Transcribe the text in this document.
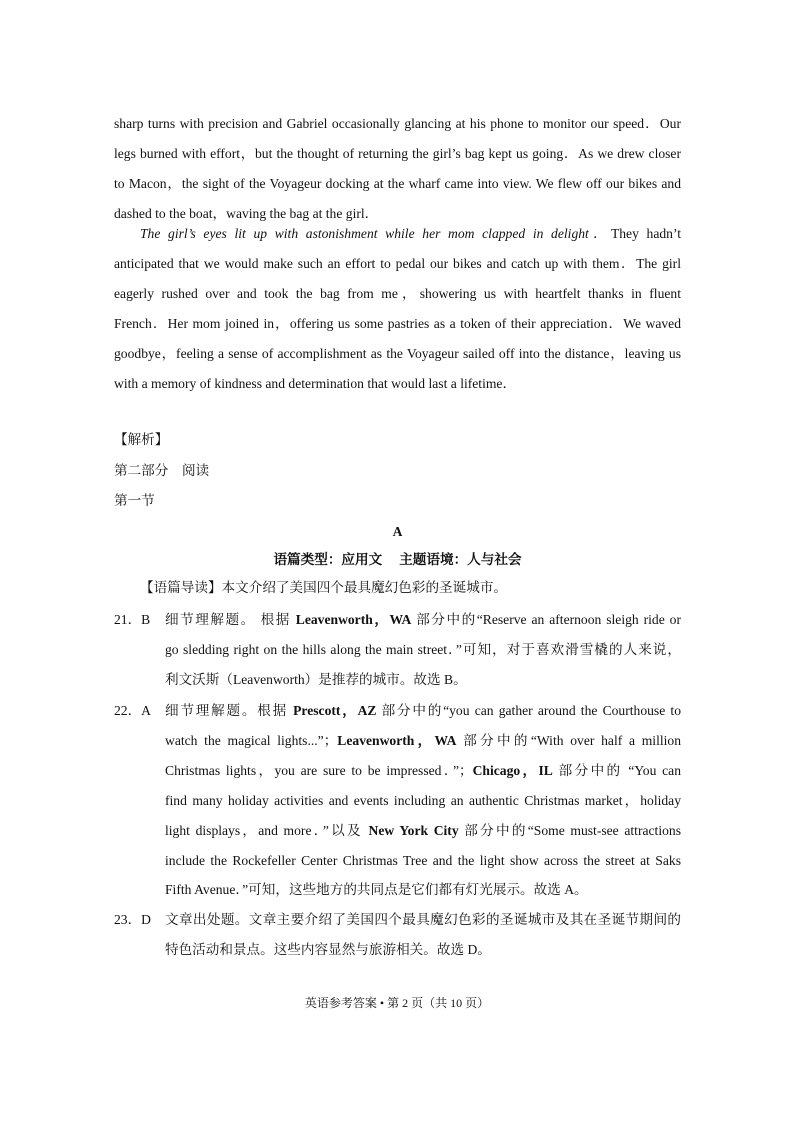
sharp turns with precision and Gabriel occasionally glancing at his phone to monitor our speed．Our
legs burned with effort，but the thought of returning the girl’s bag kept us going．As we drew closer
to Macon，the sight of the Voyageur docking at the wharf came into view. We flew off our bikes and
dashed to the boat，waving the bag at the girl．
The girl’s eyes lit up with astonishment while her mom clapped in delight．They hadn’t
anticipated that we would make such an effort to pedal our bikes and catch up with them．The girl
eagerly rushed over and took the bag from me，showering us with heartfelt thanks in fluent
French．Her mom joined in，offering us some pastries as a token of their appreciation．We waved
goodbye，feeling a sense of accomplishment as the Voyageur sailed off into the distance，leaving us
with a memory of kindness and determination that would last a lifetime．
【解析】
第二部分　阅读
第一节
A
语篇类型：应用文　 主题语境：人与社会
【语篇导读】本文介绍了美国四个最具魔幻色彩的圣诞城市。
21．B 细节理解题。 根据 Leavenworth，WA 部分中的“Reserve an afternoon sleigh ride or
go sledding right on the hills along the main street．”可知，对于喜欢滑雪橇的人来说，
利文沃斯（Leavenworth）是推荐的城市。故选 B。
22．A 细节理解题。根据 Prescott，AZ 部分中的“you can gather around the Courthouse to
watch the magical lights...”；Leavenworth，WA 部分中的“With over half a million
Christmas lights，you are sure to be impressed．”；Chicago，IL 部分中的 “You can
find many holiday activities and events including an authentic Christmas market，holiday
light displays，and more．”以及 New York City 部分中的“Some must-see attractions
include the Rockefeller Center Christmas Tree and the light show across the street at Saks
Fifth Avenue．”可知，这些地方的共同点是它们都有灯光展示。故选 A。
23．D 文章出处题。文章主要介绍了美国四个最具魔幻色彩的圣诞城市及其在圣诞节期间的
特色活动和景点。这些内容显然与旅游相关。故选 D。
英语参考答案 • 第 2 页（共 10 页）
